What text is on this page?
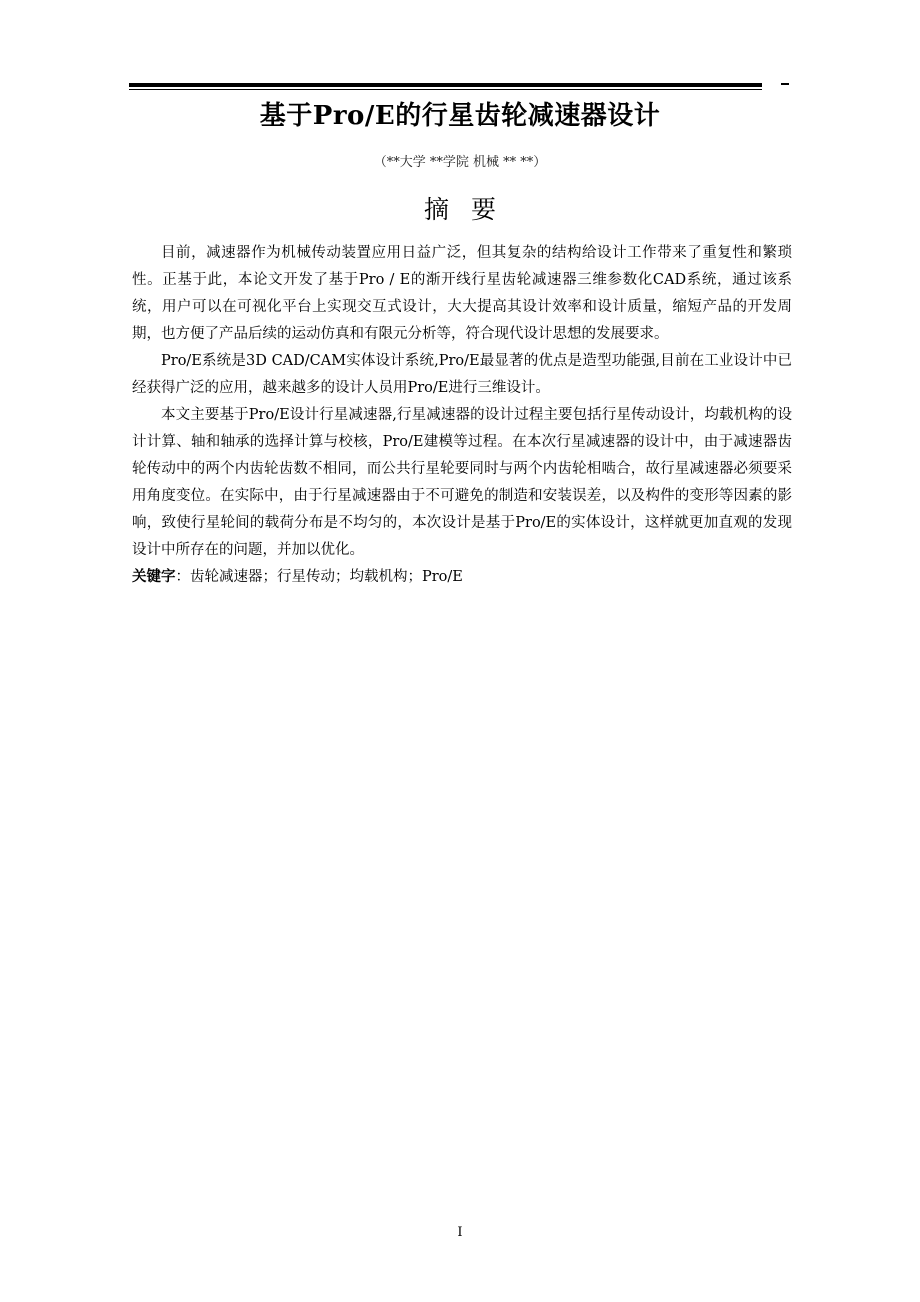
基于Pro/E的行星齿轮减速器设计
（**大学 **学院 机械 ** **）
摘要

目前，减速器作为机械传动装置应用日益广泛，但其复杂的结构给设计工作带来了重复性和繁琐性。正基于此，本论文开发了基于Pro / E的渐开线行星齿轮减速器三维参数化CAD系统，通过该系统，用户可以在可视化平台上实现交互式设计，大大提高其设计效率和设计质量，缩短产品的开发周期，也方便了产品后续的运动仿真和有限元分析等，符合现代设计思想的发展要求。

Pro/E系统是3D CAD/CAM实体设计系统,Pro/E最显著的优点是造型功能强,目前在工业设计中已经获得广泛的应用，越来越多的设计人员用Pro/E进行三维设计。

本文主要基于Pro/E设计行星减速器,行星减速器的设计过程主要包括行星传动设计，均载机构的设计计算、轴和轴承的选择计算与校核，Pro/E建模等过程。在本次行星减速器的设计中，由于减速器齿轮传动中的两个内齿轮齿数不相同，而公共行星轮要同时与两个内齿轮相啮合，故行星减速器必须要采用角度变位。在实际中，由于行星减速器由于不可避免的制造和安装误差，以及构件的变形等因素的影响，致使行星轮间的载荷分布是不均匀的，本次设计是基于Pro/E的实体设计，这样就更加直观的发现设计中所存在的问题，并加以优化。

关键字：齿轮减速器；行星传动；均载机构；Pro/E

I
